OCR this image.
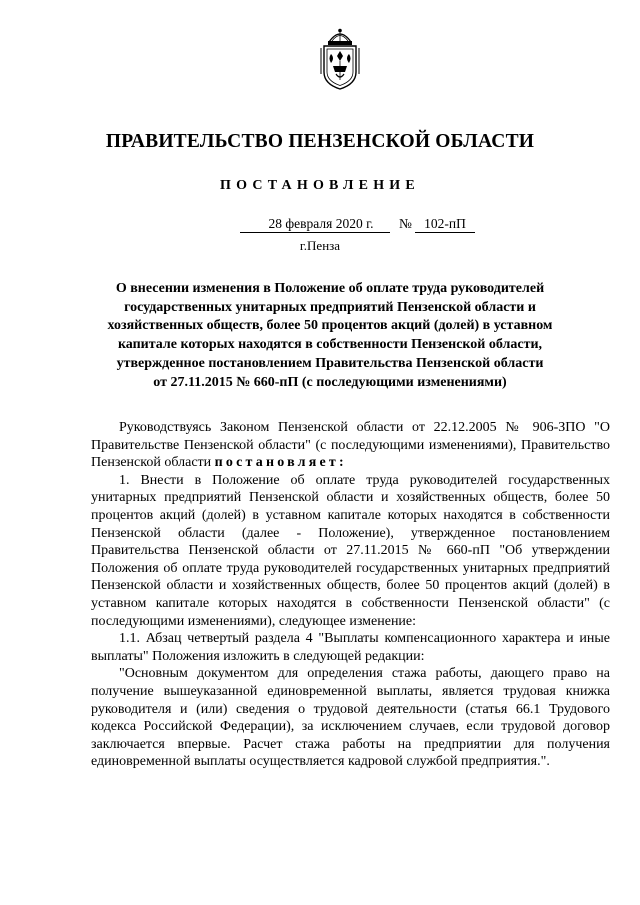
ПРАВИТЕЛЬСТВО ПЕНЗЕНСКОЙ ОБЛАСТИ
ПОСТАНОВЛЕНИЕ
28 февраля 2020 г.	№ 102-пП
г.Пенза
О внесении изменения в Положение об оплате труда руководителей
государственных унитарных предприятий Пензенской области и
хозяйственных обществ, более 50 процентов акций (долей) в уставном
капитале которых находятся в собственности Пензенской области,
утвержденное постановлением Правительства Пензенской области
от 27.11.2015 № 660-пП (с последующими изменениями)

Руководствуясь Законом Пензенской области от 22.12.2005 № 906-ЗПО "О Правительстве Пензенской области" (с последующими изменениями), Правительство Пензенской области постановляет:

1. Внести в Положение об оплате труда руководителей государственных унитарных предприятий Пензенской области и хозяйственных обществ, более 50 процентов акций (долей) в уставном капитале которых находятся в собственности Пензенской области (далее - Положение), утвержденное постановлением Правительства Пензенской области от 27.11.2015 № 660-пП "Об утверждении Положения об оплате труда руководителей государственных унитарных предприятий Пензенской области и хозяйственных обществ, более 50 процентов акций (долей) в уставном капитале которых находятся в собственности Пензенской области" (с последующими изменениями), следующее изменение:

1.1. Абзац четвертый раздела 4 "Выплаты компенсационного характера и иные выплаты" Положения изложить в следующей редакции:

"Основным документом для определения стажа работы, дающего право на получение вышеуказанной единовременной выплаты, является трудовая книжка руководителя и (или) сведения о трудовой деятельности (статья 66.1 Трудового кодекса Российской Федерации), за исключением случаев, если трудовой договор заключается впервые. Расчет стажа работы на предприятии для получения единовременной выплаты осуществляется кадровой службой предприятия.".
